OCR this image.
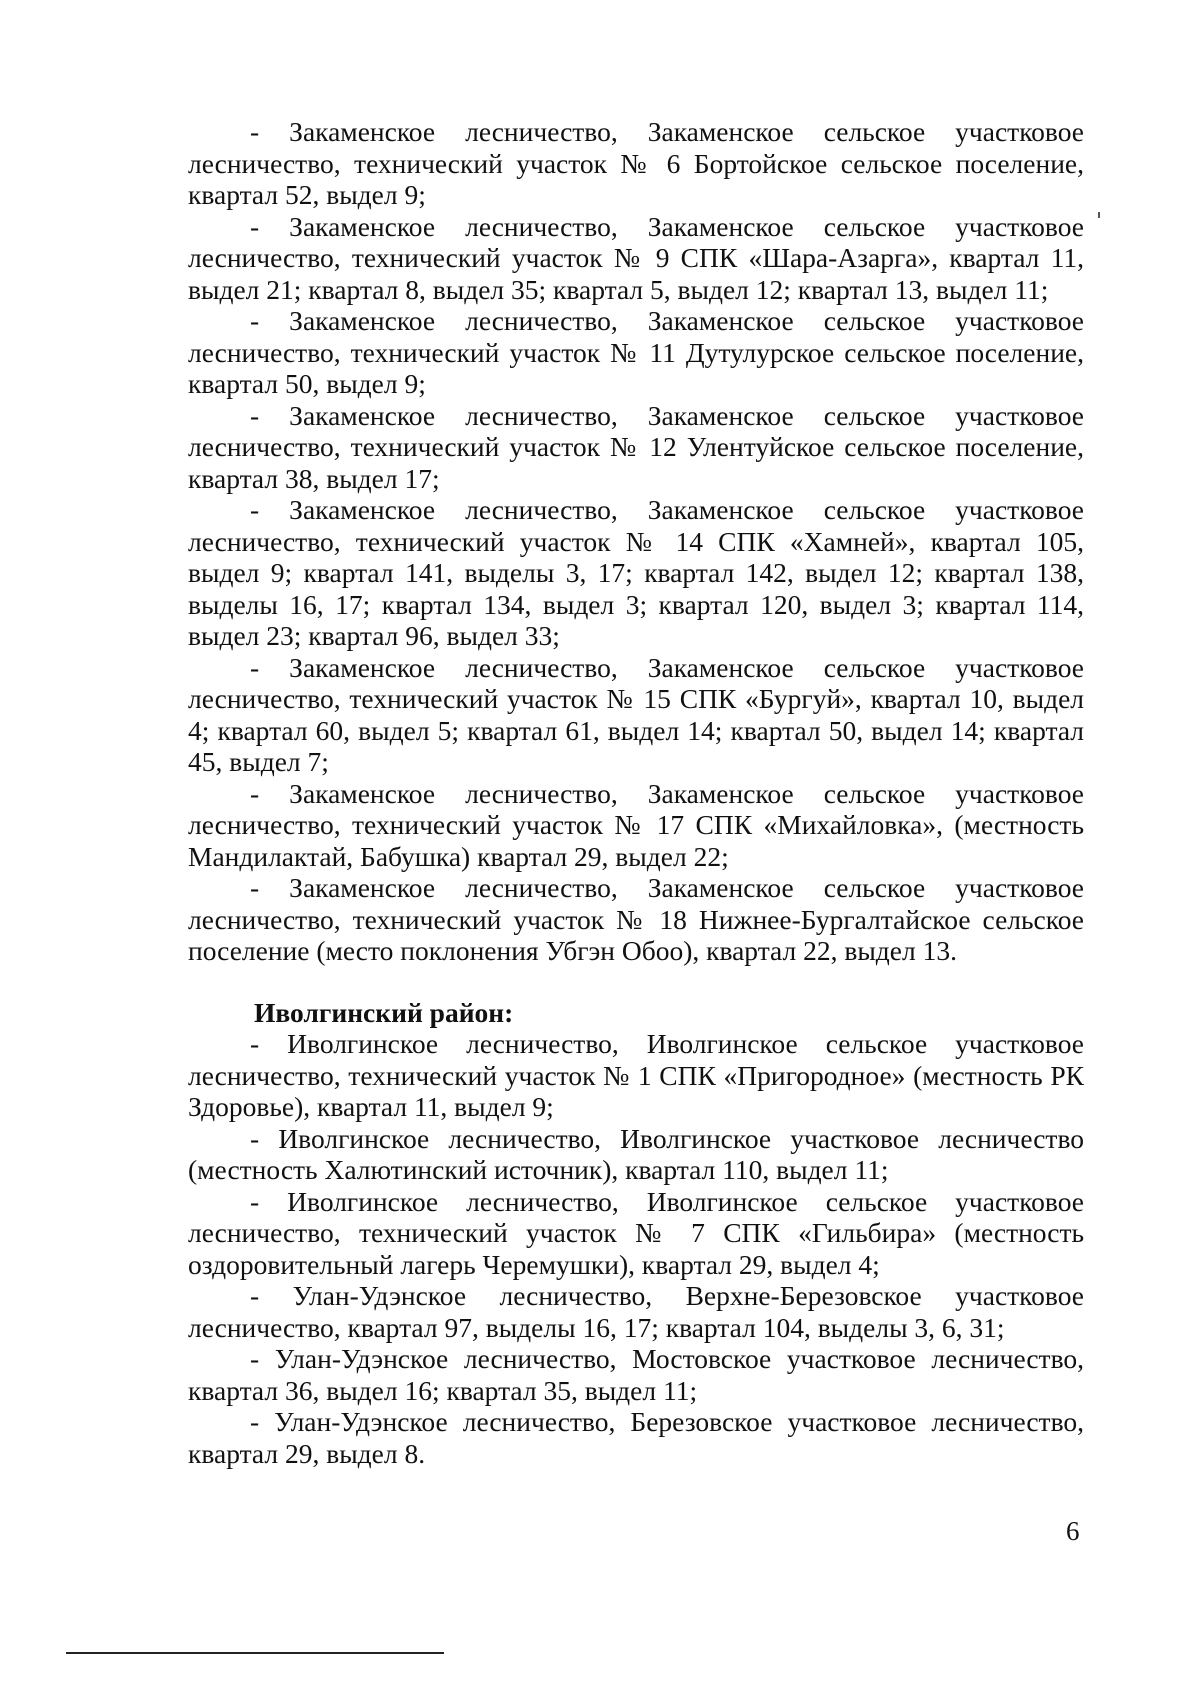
- Закаменское лесничество, Закаменское сельское участковое лесничество, технический участок № 6 Бортойское сельское поселение, квартал 52, выдел 9;

- Закаменское лесничество, Закаменское сельское участковое лесничество, технический участок № 9 СПК «Шара-Азарга», квартал 11, выдел 21; квартал 8, выдел 35; квартал 5, выдел 12; квартал 13, выдел 11;

- Закаменское лесничество, Закаменское сельское участковое лесничество, технический участок № 11 Дутулурское сельское поселение, квартал 50, выдел 9;

- Закаменское лесничество, Закаменское сельское участковое лесничество, технический участок № 12 Улентуйское сельское поселение, квартал 38, выдел 17;

- Закаменское лесничество, Закаменское сельское участковое лесничество, технический участок № 14 СПК «Хамней», квартал 105, выдел 9; квартал 141, выделы 3, 17; квартал 142, выдел 12; квартал 138, выделы 16, 17; квартал 134, выдел 3; квартал 120, выдел 3; квартал 114, выдел 23; квартал 96, выдел 33;

- Закаменское лесничество, Закаменское сельское участковое лесничество, технический участок № 15 СПК «Бургуй», квартал 10, выдел 4; квартал 60, выдел 5; квартал 61, выдел 14; квартал 50, выдел 14; квартал 45, выдел 7;

- Закаменское лесничество, Закаменское сельское участковое лесничество, технический участок № 17 СПК «Михайловка», (местность Мандилактай, Бабушка) квартал 29, выдел 22;

- Закаменское лесничество, Закаменское сельское участковое лесничество, технический участок № 18 Нижнее-Бургалтайское сельское поселение (место поклонения Убгэн Обоо), квартал 22, выдел 13.

Иволгинский район:

- Иволгинское лесничество, Иволгинское сельское участковое лесничество, технический участок № 1 СПК «Пригородное» (местность РК Здоровье), квартал 11, выдел 9;

- Иволгинское лесничество, Иволгинское участковое лесничество (местность Халютинский источник), квартал 110, выдел 11;

- Иволгинское лесничество, Иволгинское сельское участковое лесничество, технический участок № 7 СПК «Гильбира» (местность оздоровительный лагерь Черемушки), квартал 29, выдел 4;

- Улан-Удэнское лесничество, Верхне-Березовское участковое лесничество, квартал 97, выделы 16, 17; квартал 104, выделы 3, 6, 31;

- Улан-Удэнское лесничество, Мостовское участковое лесничество, квартал 36, выдел 16; квартал 35, выдел 11;

- Улан-Удэнское лесничество, Березовское участковое лесничество, квартал 29, выдел 8.

6
